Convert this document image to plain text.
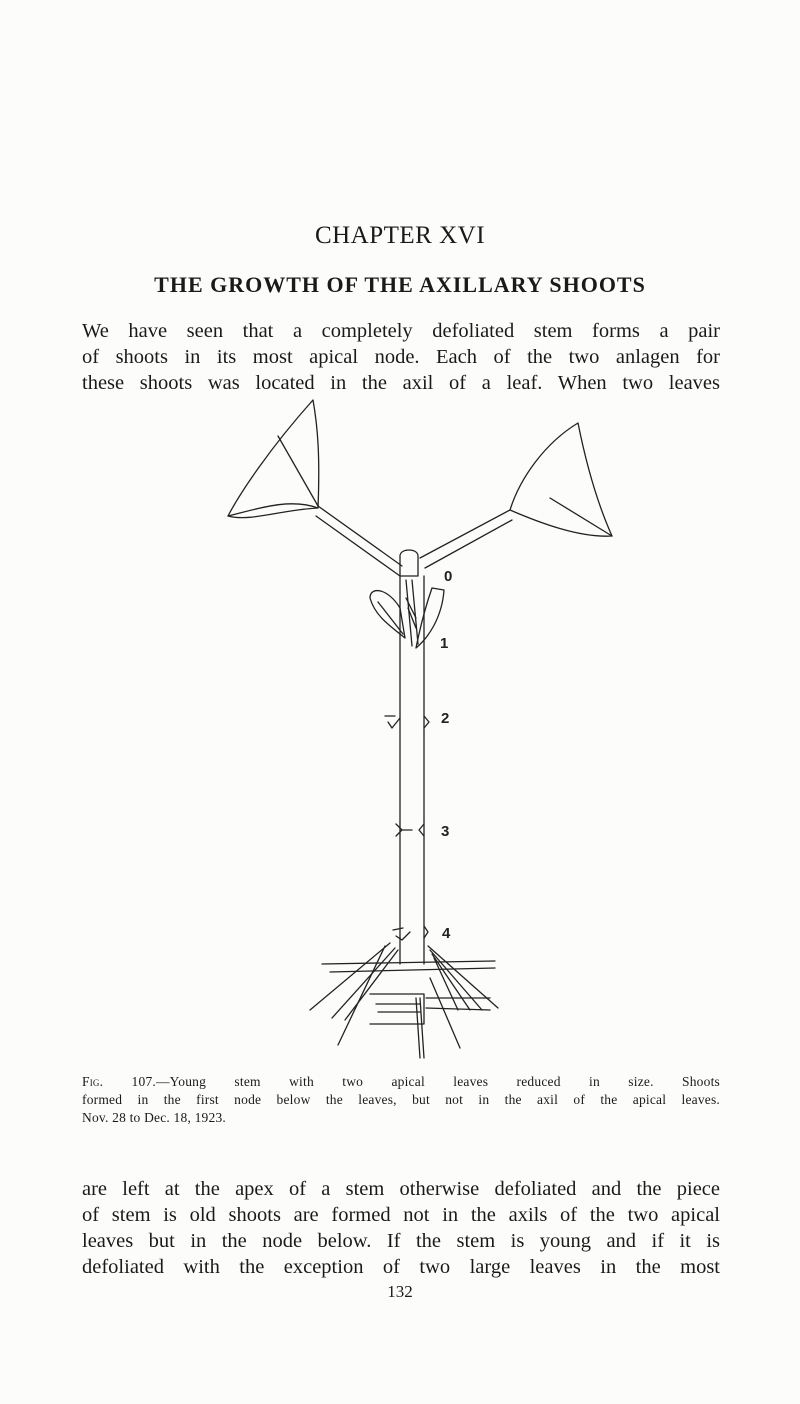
CHAPTER XVI
THE GROWTH OF THE AXILLARY SHOOTS
We have seen that a completely defoliated stem forms a pair
of shoots in its most apical node. Each of the two anlagen for
these shoots was located in the axil of a leaf. When two leaves
0
1
2
3
4
Fig. 107.—Young stem with two apical leaves reduced in size. Shoots
formed in the first node below the leaves, but not in the axil of the apical leaves.
Nov. 28 to Dec. 18, 1923.
are left at the apex of a stem otherwise defoliated and the piece
of stem is old shoots are formed not in the axils of the two apical
leaves but in the node below. If the stem is young and if it is
defoliated with the exception of two large leaves in the most
132
